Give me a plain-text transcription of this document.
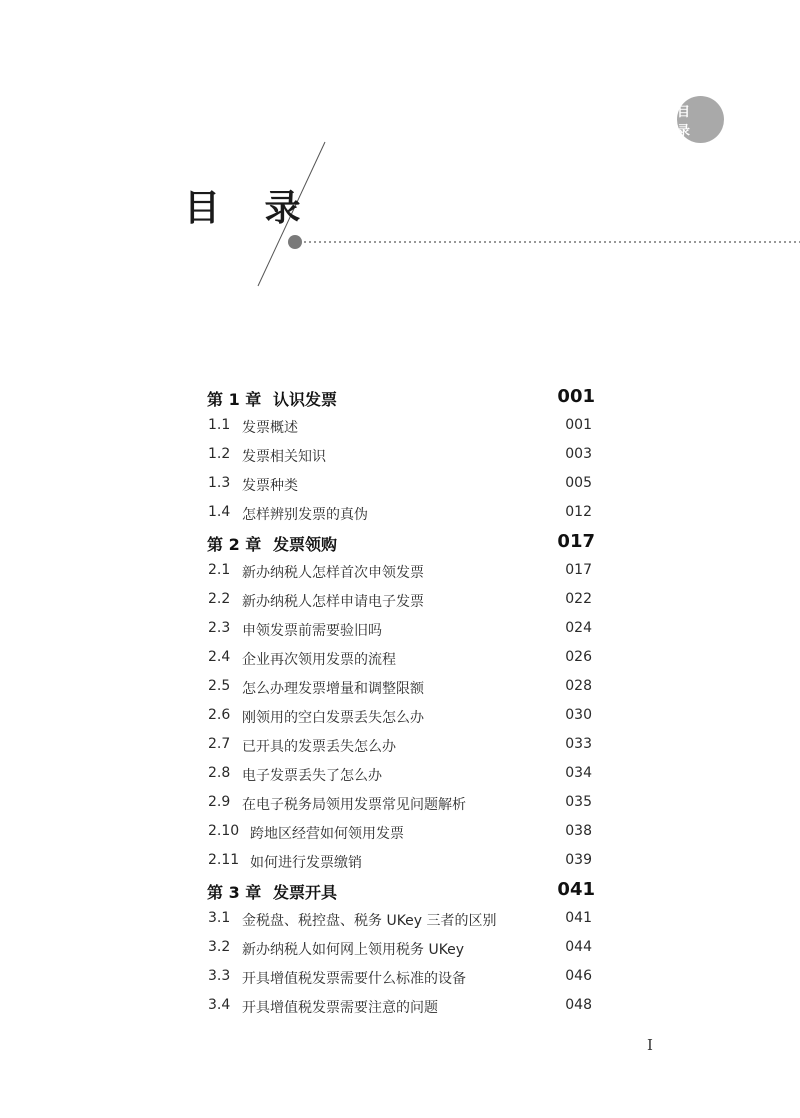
目 录
目 录
第 1 章 认识发票	001
1.1 发票概述	001
1.2 发票相关知识	003
1.3 发票种类	005
1.4 怎样辨别发票的真伪	012
第 2 章 发票领购	017
2.1 新办纳税人怎样首次申领发票	017
2.2 新办纳税人怎样申请电子发票	022
2.3 申领发票前需要验旧吗	024
2.4 企业再次领用发票的流程	026
2.5 怎么办理发票增量和调整限额	028
2.6 刚领用的空白发票丢失怎么办	030
2.7 已开具的发票丢失怎么办	033
2.8 电子发票丢失了怎么办	034
2.9 在电子税务局领用发票常见问题解析	035
2.10 跨地区经营如何领用发票	038
2.11 如何进行发票缴销	039
第 3 章 发票开具	041
3.1 金税盘、税控盘、税务 UKey 三者的区别	041
3.2 新办纳税人如何网上领用税务 UKey	044
3.3 开具增值税发票需要什么标准的设备	046
3.4 开具增值税发票需要注意的问题	048
I
